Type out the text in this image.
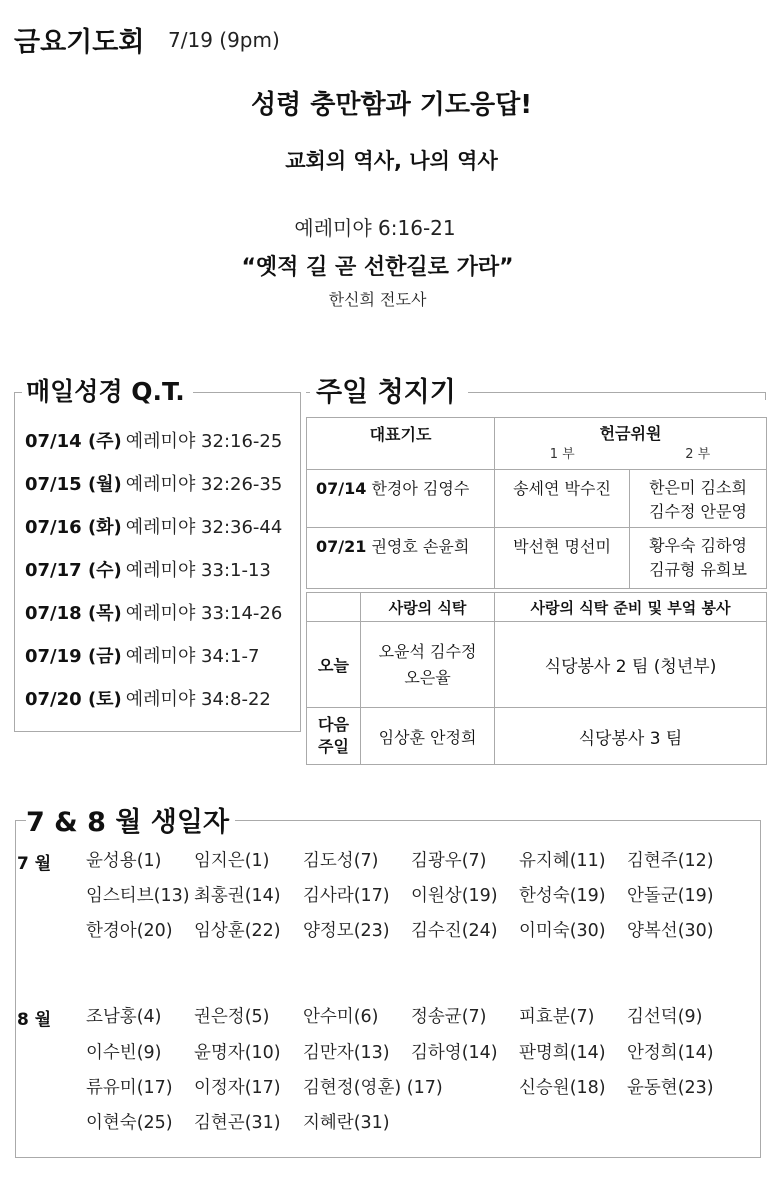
금요기도회 7/19 (9pm)
성령 충만함과 기도응답!
교회의 역사, 나의 역사
예레미야 6:16-21
“옛적 길 곧 선한길로 가라”
한신희 전도사
매일성경 Q.T.
07/14 (주) 예레미야 32:16-25
07/15 (월) 예레미야 32:26-35
07/16 (화) 예레미야 32:36-44
07/17 (수) 예레미야 33:1-13
07/18 (목) 예레미야 33:14-26
07/19 (금) 예레미야 34:1-7
07/20 (토) 예레미야 34:8-22
주일 청지기
대표기도	헌금위원
1 부 2 부	

07/14 한경아 김영수	송세연 박수진	한은미 김소희
김수정 안문영

07/21 권영호 손윤희	박선현 명선미	황우숙 김하영
김규형 유희보
	사랑의 식탁	사랑의 식탁 준비 및 부엌 봉사
오늘	오윤석 김수정
오은율	식당봉사 2 팀 (청년부)

다음
주일	임상훈 안정희	식당봉사 3 팀
7 & 8 월 생일자
7 월
8 월
윤성용(1) 임지은(1) 김도성(7) 김광우(7) 유지혜(11) 김현주(12)
임스티브(13) 최홍권(14) 김사라(17) 이원상(19) 한성숙(19) 안돌군(19)
한경아(20) 임상훈(22) 양정모(23) 김수진(24) 이미숙(30) 양복선(30)
조남홍(4) 권은정(5) 안수미(6) 정송균(7) 피효분(7) 김선덕(9)
이수빈(9) 윤명자(10) 김만자(13) 김하영(14) 판명희(14) 안정희(14)
류유미(17) 이정자(17) 김현정(영훈) (17)	신승원(18) 윤동현(23)
이현숙(25) 김현곤(31) 지혜란(31)
